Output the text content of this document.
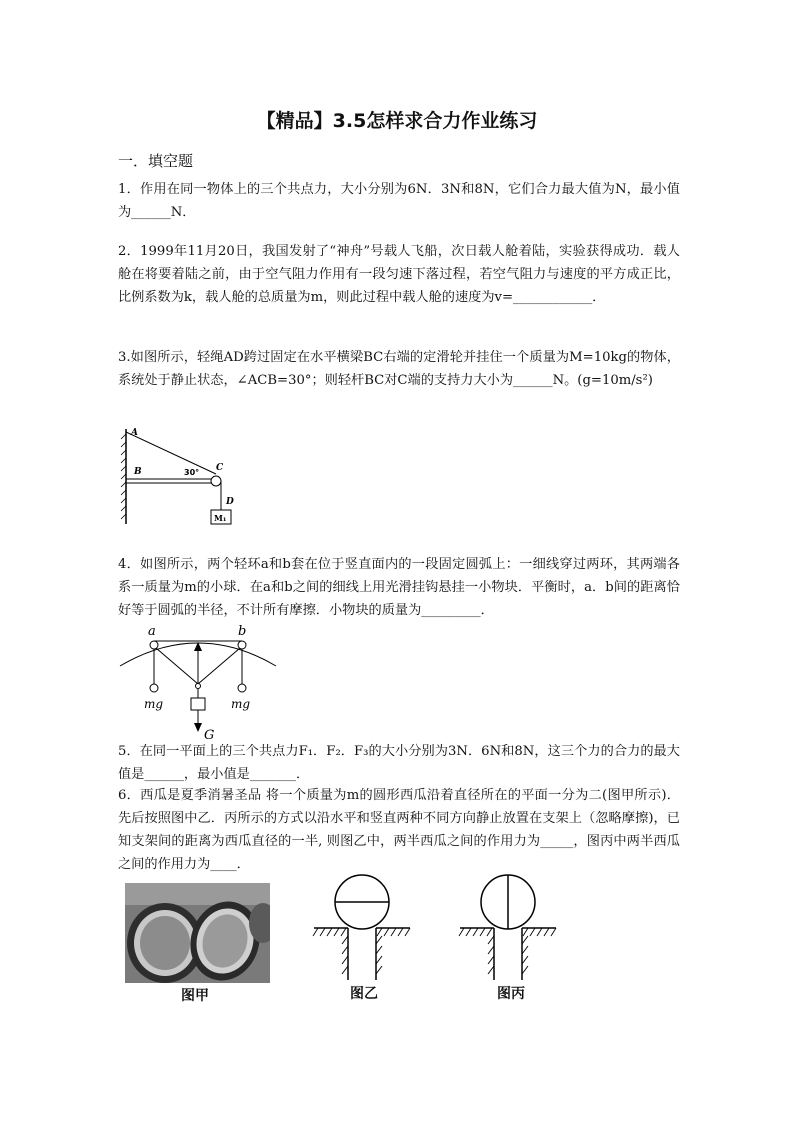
【精品】3.5怎样求合力作业练习
一．填空题
1．作用在同一物体上的三个共点力，大小分别为6N．3N和8N，它们合力最大值为N，最小值为______N．
2．1999年11月20日，我国发射了“神舟”号载人飞船，次日载人舱着陆，实验获得成功．载人舱在将要着陆之前，由于空气阻力作用有一段匀速下落过程，若空气阻力与速度的平方成正比，比例系数为k，载人舱的总质量为m，则此过程中载人舱的速度为v=____________．
3.如图所示，轻绳AD跨过固定在水平横梁BC右端的定滑轮并挂住一个质量为M=10kg的物体，系统处于静止状态，∠ACB=30°；则轻杆BC对C端的支持力大小为______N。(g=10m/s²)
A
B	C
30°
D
M₁
4．如图所示，两个轻环a和b套在位于竖直面内的一段固定圆弧上：一细线穿过两环，其两端各系一质量为m的小球．在a和b之间的细线上用光滑挂钩悬挂一小物块．平衡时，a．b间的距离恰好等于圆弧的半径，不计所有摩擦．小物块的质量为_________．
a	b
mg	mg
G
5．在同一平面上的三个共点力F₁．F₂．F₃的大小分别为3N．6N和8N，这三个力的合力的最大值是______，最小值是_______．
6．西瓜是夏季消暑圣品 将一个质量为m的圆形西瓜沿着直径所在的平面一分为二(图甲所示)．先后按照图中乙．丙所示的方式以沿水平和竖直两种不同方向静止放置在支架上（忽略摩擦)，已知支架间的距离为西瓜直径的一半, 则图乙中，两半西瓜之间的作用力为_____，图丙中两半西瓜之间的作用力为____．
图甲	图乙	图丙
